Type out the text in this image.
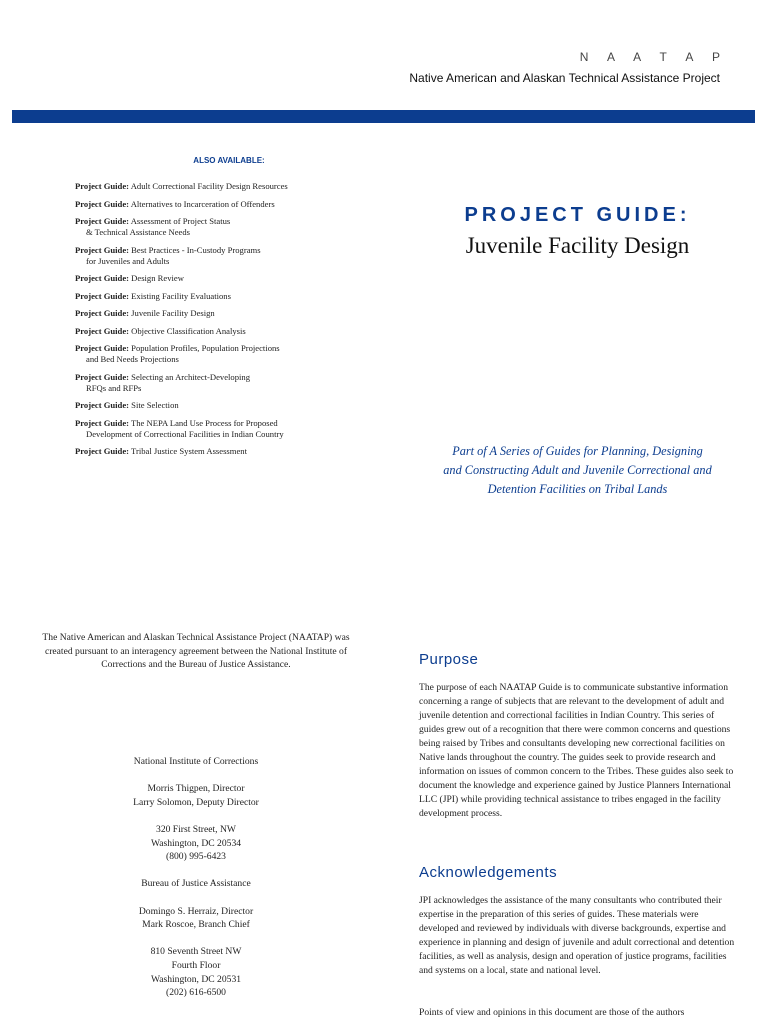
N A A T A P
Native American and Alaskan Technical Assistance Project
ALSO AVAILABLE:
Project Guide: Adult Correctional Facility Design Resources
Project Guide: Alternatives to Incarceration of Offenders
Project Guide: Assessment of Project Status
& Technical Assistance Needs
Project Guide: Best Practices - In-Custody Programs
for Juveniles and Adults
Project Guide: Design Review
Project Guide: Existing Facility Evaluations
Project Guide: Juvenile Facility Design
Project Guide: Objective Classification Analysis
Project Guide: Population Profiles, Population Projections
and Bed Needs Projections
Project Guide: Selecting an Architect-Developing
RFQs and RFPs
Project Guide: Site Selection
Project Guide: The NEPA Land Use Process for Proposed
Development of Correctional Facilities in Indian Country
Project Guide: Tribal Justice System Assessment
PROJECT GUIDE:
Juvenile Facility Design
Part of A Series of Guides for Planning, Designing
and Constructing Adult and Juvenile Correctional and
Detention Facilities on Tribal Lands
The Native American and Alaskan Technical Assistance Project (NAATAP) was created pursuant to an interagency agreement between the National Institute of Corrections and the Bureau of Justice Assistance.

National Institute of Corrections

Morris Thigpen, Director

Larry Solomon, Deputy Director

320 First Street, NW
Washington, DC 20534

(800) 995-6423

Bureau of Justice Assistance

Domingo S. Herraiz, Director

Mark Roscoe, Branch Chief

810 Seventh Street NW
Fourth Floor
Washington, DC 20531
(202) 616-6500
Purpose

The purpose of each NAATAP Guide is to communicate substantive information concerning a range of subjects that are relevant to the development of adult and juvenile detention and correctional facilities in Indian Country. This series of guides grew out of a recognition that there were common concerns and questions being raised by Tribes and consultants developing new correctional facilities on Native lands throughout the country. The guides seek to provide research and information on issues of common concern to the Tribes. These guides also seek to document the knowledge and experience gained by Justice Planners International LLC (JPI) while providing technical assistance to tribes engaged in the facility development process.

Acknowledgements

JPI acknowledges the assistance of the many consultants who contributed their expertise in the preparation of this series of guides. These materials were developed and reviewed by individuals with diverse backgrounds, expertise and experience in planning and design of juvenile and adult correctional and detention facilities, as well as analysis, design and operation of justice programs, facilities and systems on a local, state and national level.

Points of view and opinions in this document are those of the authors
